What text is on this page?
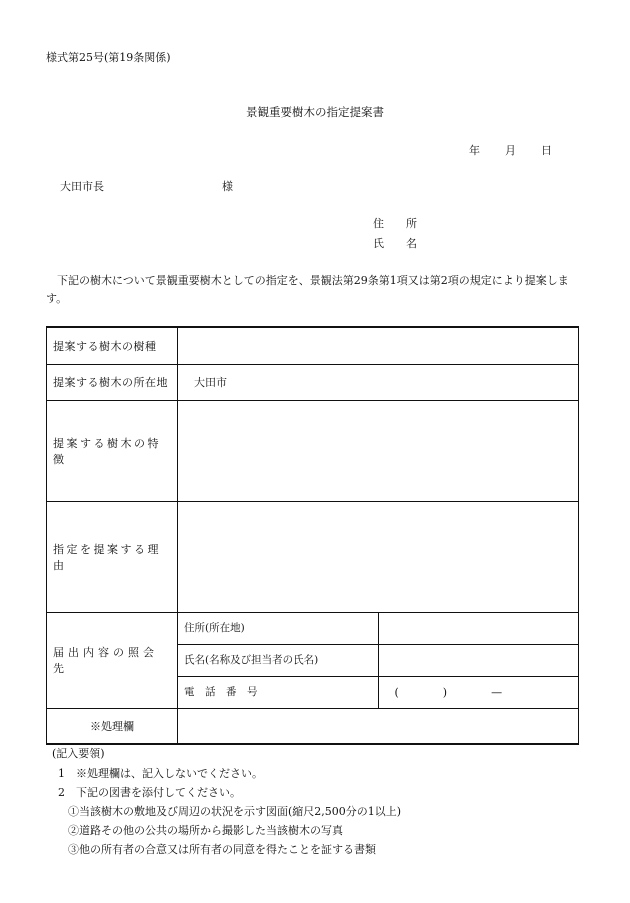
様式第25号(第19条関係)
景観重要樹木の指定提案書
年 月 日
大田市長	様
住 所
氏 名
下記の樹木について景観重要樹木としての指定を、景観法第29条第1項又は第2項の規定により提案します。
提案する樹木の樹種		
提案する樹木の所在地	大田市	
提案する樹木の特徴		
指定を提案する理由		
届出内容の照会先	住所(所在地)	
	氏名(名称及び担当者の氏名)	
	電　話　番　号	(　　　　)　　　　—
※処理欄		
(記入要領)
1　※処理欄は、記入しないでください。
2　下記の図書を添付してください。
①当該樹木の敷地及び周辺の状況を示す図面(縮尺2,500分の1以上)
②道路その他の公共の場所から撮影した当該樹木の写真
③他の所有者の合意又は所有者の同意を得たことを証する書類
